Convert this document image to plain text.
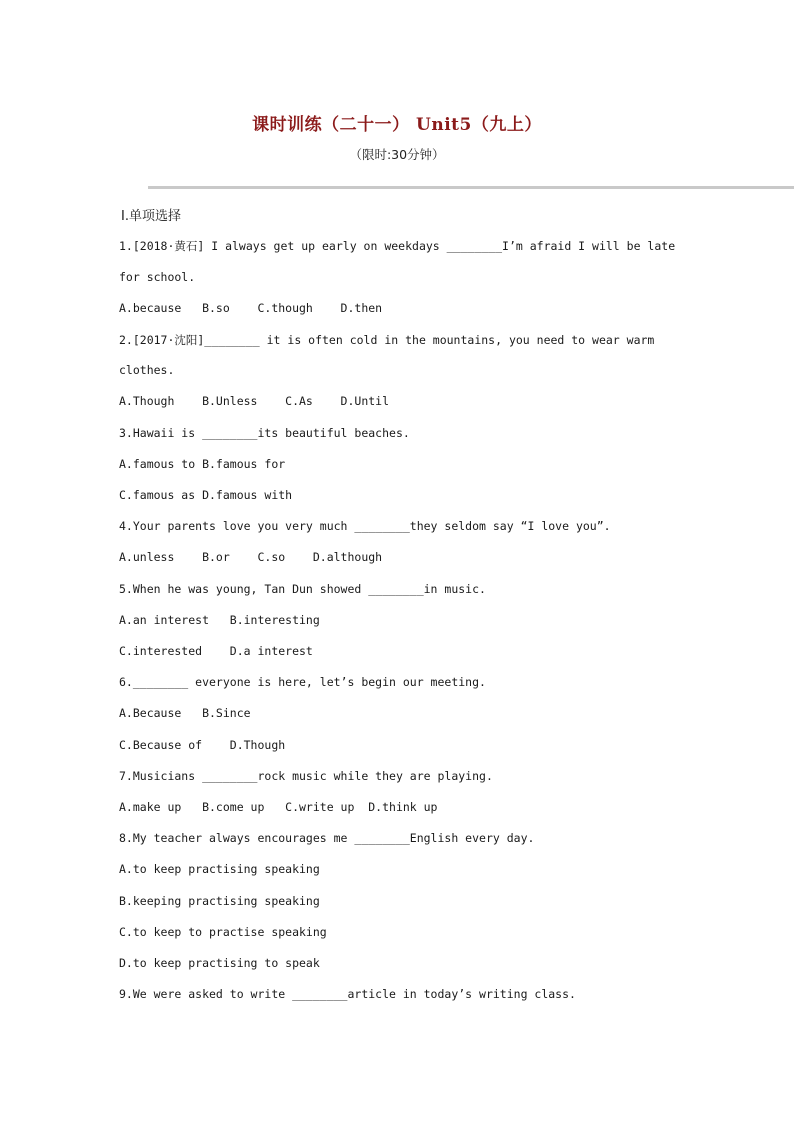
课时训练（二十一） Unit5（九上）
（限时:30分钟）
Ⅰ.单项选择
1.[2018·黄石] I always get up early on weekdays ________I’m afraid I will be late
for school.
A.because   B.so    C.though    D.then
2.[2017·沈阳]________ it is often cold in the mountains, you need to wear warm
clothes.
A.Though    B.Unless    C.As    D.Until
3.Hawaii is ________its beautiful beaches.
A.famous to B.famous for
C.famous as D.famous with
4.Your parents love you very much ________they seldom say “I love you”.
A.unless    B.or    C.so    D.although
5.When he was young, Tan Dun showed ________in music.
A.an interest   B.interesting
C.interested    D.a interest
6.________ everyone is here, let’s begin our meeting.
A.Because   B.Since
C.Because of    D.Though
7.Musicians ________rock music while they are playing.
A.make up   B.come up   C.write up  D.think up
8.My teacher always encourages me ________English every day.
A.to keep practising speaking
B.keeping practising speaking
C.to keep to practise speaking
D.to keep practising to speak
9.We were asked to write ________article in today’s writing class.
